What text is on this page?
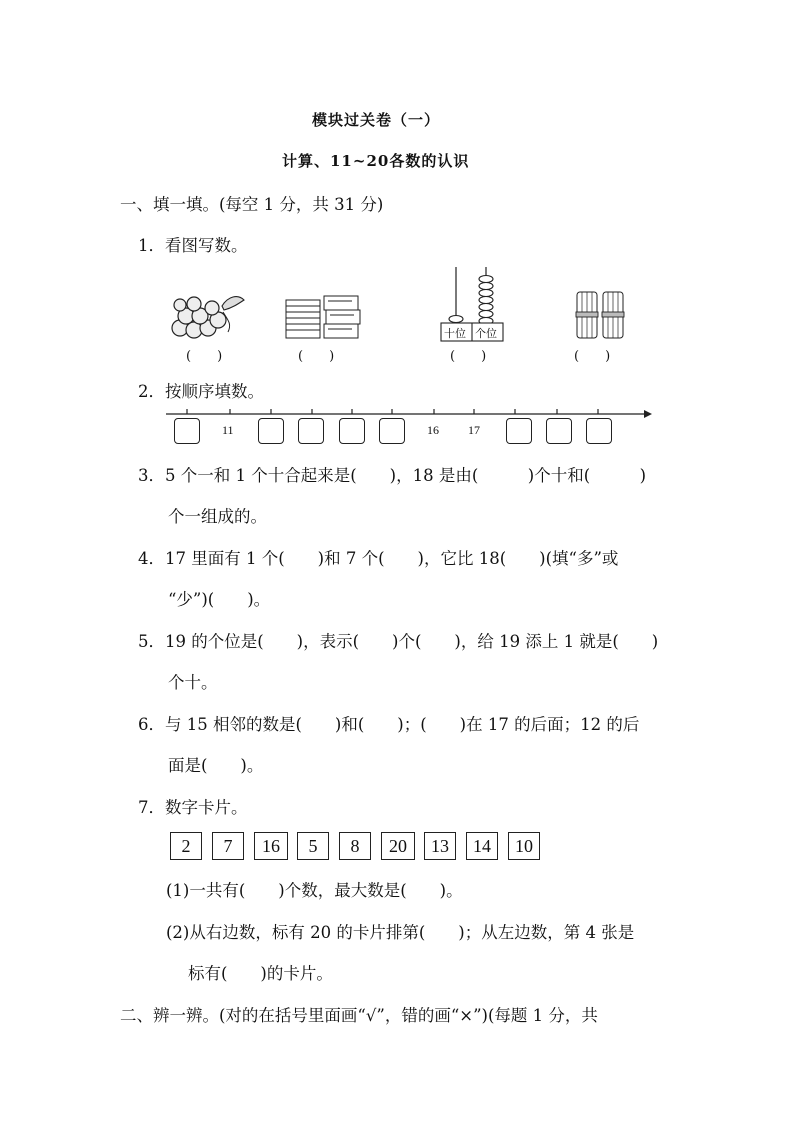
模块过关卷（一）
计算、11~20各数的认识
一、填一填。(每空 1 分，共 31 分)
1．看图写数。
(　　)	(　　)
十位 个位
(　　)	(　　)
2．按顺序填数。
11	16 17
3．5 个一和 1 个十合起来是(　　)，18 是由(　　　)个十和(　　　)
个一组成的。
4．17 里面有 1 个(　　)和 7 个(　　)，它比 18(　　)(填“多”或
“少”)(　　)。
5．19 的个位是(　　)，表示(　　)个(　　)，给 19 添上 1 就是(　　)
个十。
6．与 15 相邻的数是(　　)和(　　)；(　　)在 17 的后面；12 的后
面是(　　)。
7．数字卡片。
2	7	16	5	8	20	13	14	10
(1)一共有(　　)个数，最大数是(　　)。
(2)从右边数，标有 20 的卡片排第(　　)；从左边数，第 4 张是
标有(　　)的卡片。
二、辨一辨。(对的在括号里面画“√”，错的画“×”)(每题 1 分，共
